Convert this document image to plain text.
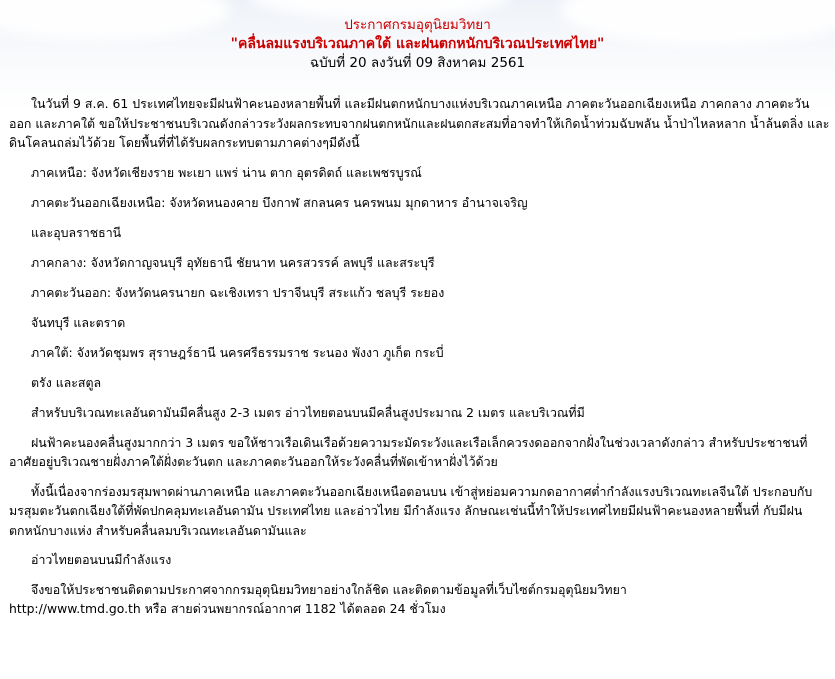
ประกาศกรมอุตุนิยมวิทยา

"คลื่นลมแรงบริเวณภาคใต้ และฝนตกหนักบริเวณประเทศไทย"

ฉบับที่ 20 ลงวันที่ 09 สิงหาคม 2561

ในวันที่ 9 ส.ค. 61 ประเทศไทยจะมีฝนฟ้าคะนองหลายพื้นที่ และมีฝนตกหนักบางแห่งบริเวณภาคเหนือ ภาคตะวันออกเฉียงเหนือ ภาคกลาง ภาคตะวันออก และภาคใต้ ขอให้ประชาชนบริเวณดังกล่าวระวังผลกระทบจากฝนตกหนักและฝนตกสะสมที่อาจทำให้เกิดน้ำท่วมฉับพลัน น้ำป่าไหลหลาก น้ำล้นตลิ่ง และดินโคลนถล่มไว้ด้วย โดยพื้นที่ที่ได้รับผลกระทบตามภาคต่างๆมีดังนี้

ภาคเหนือ: จังหวัดเชียงราย พะเยา แพร่ น่าน ตาก อุตรดิตถ์ และเพชรบูรณ์

ภาคตะวันออกเฉียงเหนือ: จังหวัดหนองคาย บึงกาฬ สกลนคร นครพนม มุกดาหาร อำนาจเจริญ

และอุบลราชธานี

ภาคกลาง: จังหวัดกาญจนบุรี อุทัยธานี ชัยนาท นครสวรรค์ ลพบุรี และสระบุรี

ภาคตะวันออก: จังหวัดนครนายก ฉะเชิงเทรา ปราจีนบุรี สระแก้ว ชลบุรี ระยอง

จันทบุรี และตราด

ภาคใต้: จังหวัดชุมพร สุราษฎร์ธานี นครศรีธรรมราช ระนอง พังงา ภูเก็ต กระบี่

ตรัง และสตูล

สำหรับบริเวณทะเลอันดามันมีคลื่นสูง 2-3 เมตร อ่าวไทยตอนบนมีคลื่นสูงประมาณ 2 เมตร และบริเวณที่มี

ฝนฟ้าคะนองคลื่นสูงมากกว่า 3 เมตร ขอให้ชาวเรือเดินเรือด้วยความระมัดระวังและเรือเล็กควรงดออกจากฝั่งในช่วงเวลาดังกล่าว สำหรับประชาชนที่อาศัยอยู่บริเวณชายฝั่งภาคใต้ฝั่งตะวันตก และภาคตะวันออกให้ระวังคลื่นที่พัดเข้าหาฝั่งไว้ด้วย

ทั้งนี้เนื่องจากร่องมรสุมพาดผ่านภาคเหนือ และภาคตะวันออกเฉียงเหนือตอนบน เข้าสู่หย่อมความกดอากาศต่ำกำลังแรงบริเวณทะเลจีนใต้ ประกอบกับมรสุมตะวันตกเฉียงใต้ที่พัดปกคลุมทะเลอันดามัน ประเทศไทย และอ่าวไทย มีกำลังแรง ลักษณะเช่นนี้ทำให้ประเทศไทยมีฝนฟ้าคะนองหลายพื้นที่ กับมีฝนตกหนักบางแห่ง สำหรับคลื่นลมบริเวณทะเลอันดามันและ

อ่าวไทยตอนบนมีกำลังแรง

จึงขอให้ประชาชนติดตามประกาศจากกรมอุตุนิยมวิทยาอย่างใกล้ชิด และติดตามข้อมูลที่เว็บไซต์กรมอุตุนิยมวิทยา

http://www.tmd.go.th หรือ สายด่วนพยากรณ์อากาศ 1182 ได้ตลอด 24 ชั่วโมง
